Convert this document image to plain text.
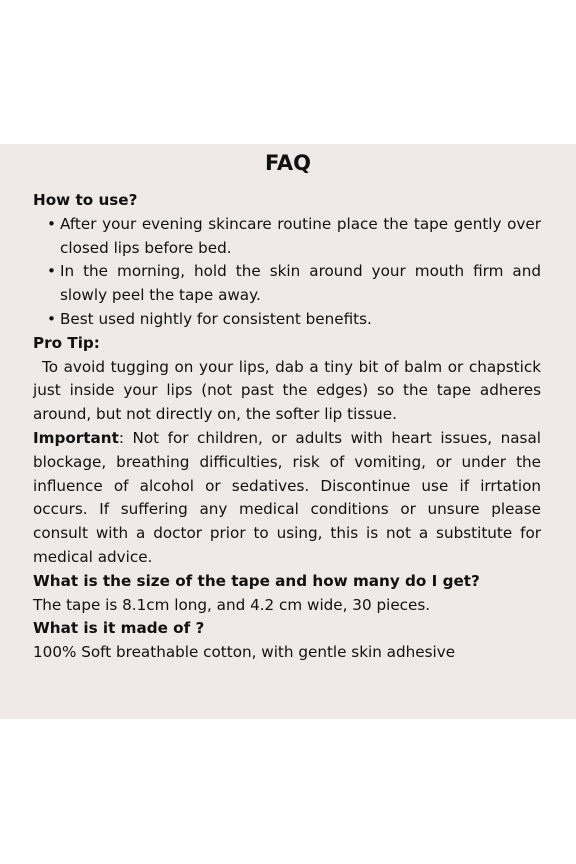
FAQ

How to use?

• After your evening skincare routine place the tape gently over closed lips before bed.
• In the morning, hold the skin around your mouth firm and slowly peel the tape away.
• Best used nightly for consistent benefits.

Pro Tip:

To avoid tugging on your lips, dab a tiny bit of balm or chapstick just inside your lips (not past the edges) so the tape adheres around, but not directly on, the softer lip tissue.

Important: Not for children, or adults with heart issues, nasal blockage, breathing difficulties, risk of vomiting, or under the influence of alcohol or sedatives. Discontinue use if irrtation occurs. If suffering any medical conditions or unsure please consult with a doctor prior to using, this is not a substitute for medical advice.

What is the size of the tape and how many do I get?

The tape is 8.1cm long, and 4.2 cm wide, 30 pieces.

What is it made of ?

100% Soft breathable cotton, with gentle skin adhesive
